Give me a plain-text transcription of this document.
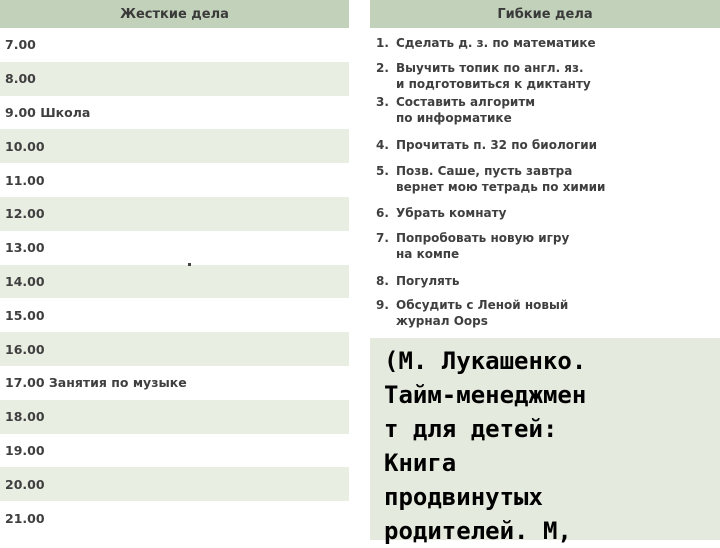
Жесткие дела
7.00
8.00
9.00 Школа
10.00
11.00
12.00
13.00
14.00
15.00
16.00
17.00 Занятия по музыке
18.00
19.00
20.00
21.00
Гибкие дела
1. Сделать д. з. по математике
2. Выучить топик по англ. яз.
и подготовиться к диктанту
3. Составить алгоритм
по информатике
4. Прочитать п. 32 по биологии
5. Позв. Саше, пусть завтра
вернет мою тетрадь по химии
6. Убрать комнату
7. Попробовать новую игру
на компе
8. Погулять
9. Обсудить с Леной новый
журнал Oops
(М. Лукашенко.
Тайм-менеджмен
т для детей:
Книга
продвинутых
родителей. М,
